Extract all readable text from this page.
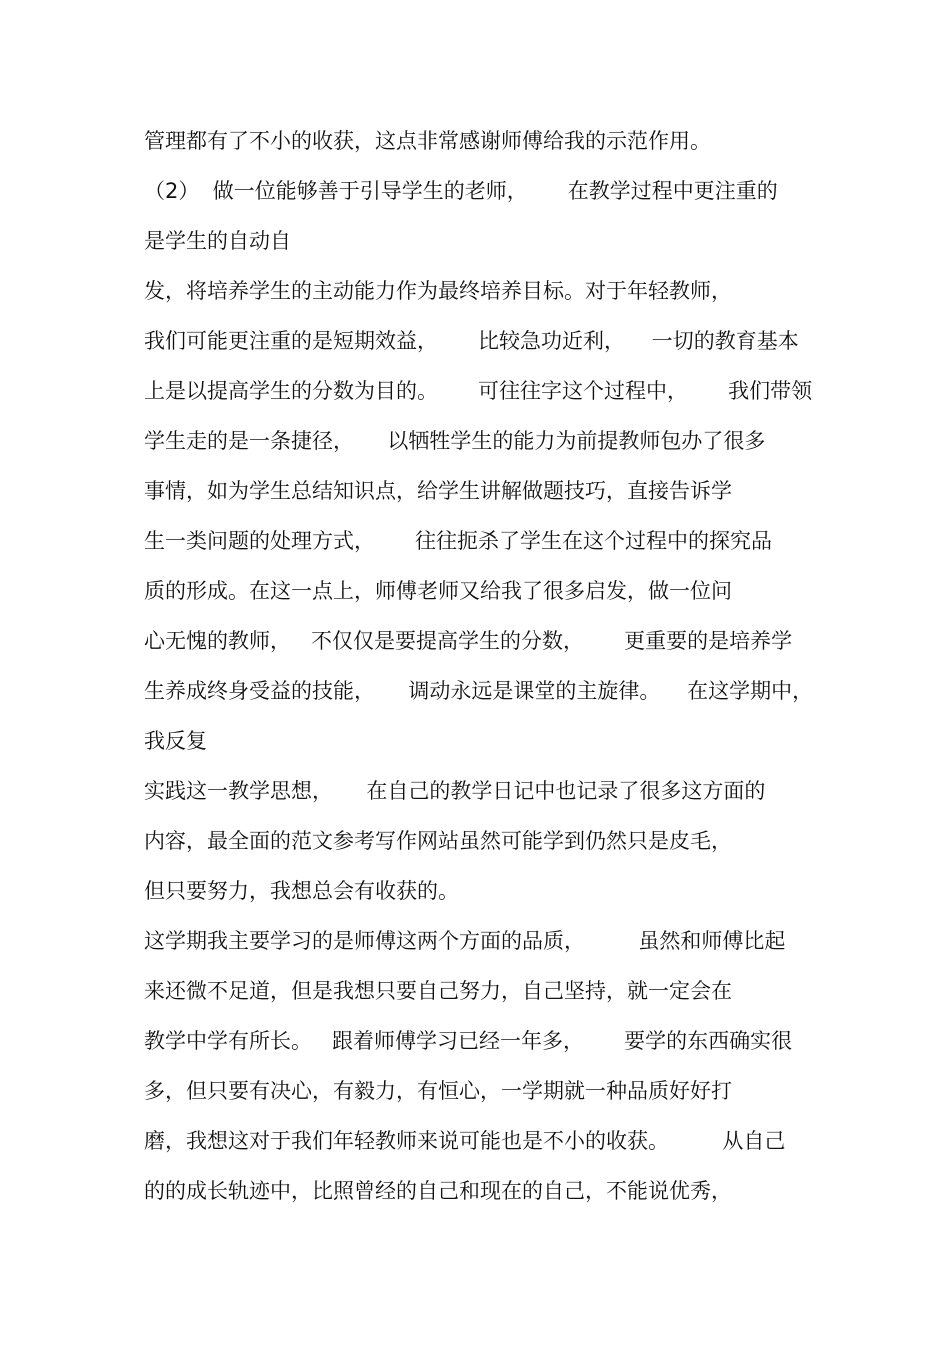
管理都有了不小的收获，这点非常感谢师傅给我的示范作用。

（2）  做一位能够善于引导学生的老师，      在教学过程中更注重的

是学生的自动自

发，将培养学生的主动能力作为最终培养目标。对于年轻教师，

我们可能更注重的是短期效益，      比较急功近利，    一切的教育基本

上是以提高学生的分数为目的。      可往往字这个过程中，      我们带领

学生走的是一条捷径，     以牺牲学生的能力为前提教师包办了很多

事情，如为学生总结知识点，给学生讲解做题技巧，直接告诉学

生一类问题的处理方式，      往往扼杀了学生在这个过程中的探究品

质的形成。在这一点上，师傅老师又给我了很多启发，做一位问

心无愧的教师，   不仅仅是要提高学生的分数，      更重要的是培养学

生养成终身受益的技能，     调动永远是课堂的主旋律。    在这学期中，

我反复

实践这一教学思想，     在自己的教学日记中也记录了很多这方面的

内容，最全面的范文参考写作网站虽然可能学到仍然只是皮毛，

但只要努力，我想总会有收获的。

这学期我主要学习的是师傅这两个方面的品质，        虽然和师傅比起

来还微不足道，但是我想只要自己努力，自己坚持，就一定会在

教学中学有所长。   跟着师傅学习已经一年多，      要学的东西确实很

多，但只要有决心，有毅力，有恒心，一学期就一种品质好好打

磨，我想这对于我们年轻教师来说可能也是不小的收获。        从自己

的的成长轨迹中，比照曾经的自己和现在的自己，不能说优秀，
